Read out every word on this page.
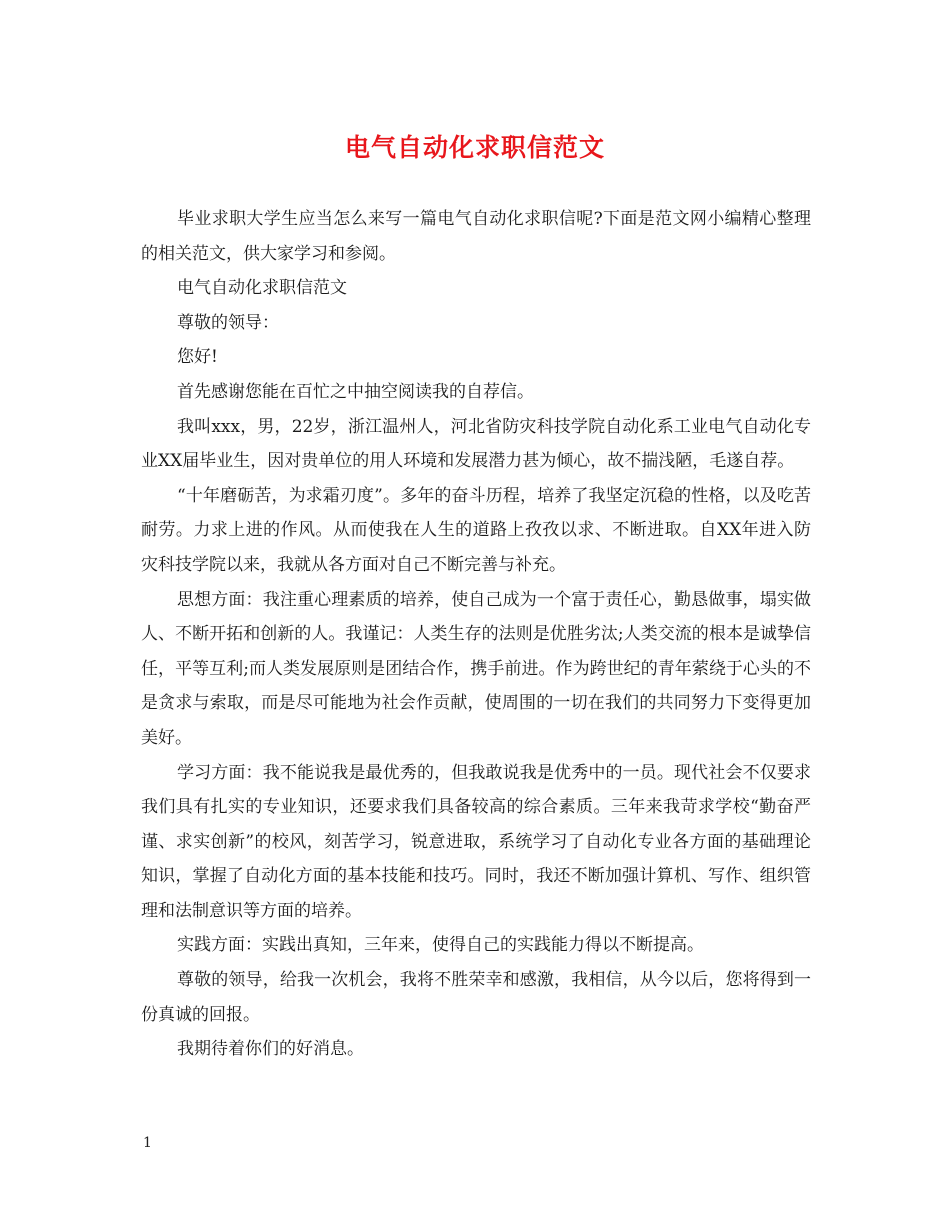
电气自动化求职信范文

毕业求职大学生应当怎么来写一篇电气自动化求职信呢?下面是范文网小编精心整理的相关范文，供大家学习和参阅。

电气自动化求职信范文

尊敬的领导：

您好!

首先感谢您能在百忙之中抽空阅读我的自荐信。

我叫xxx，男，22岁，浙江温州人，河北省防灾科技学院自动化系工业电气自动化专业XX届毕业生，因对贵单位的用人环境和发展潜力甚为倾心，故不揣浅陋，毛遂自荐。

“十年磨砺苦，为求霜刃度”。多年的奋斗历程，培养了我坚定沉稳的性格，以及吃苦耐劳。力求上进的作风。从而使我在人生的道路上孜孜以求、不断进取。自XX年进入防灾科技学院以来，我就从各方面对自己不断完善与补充。

思想方面：我注重心理素质的培养，使自己成为一个富于责任心，勤恳做事，塌实做人、不断开拓和创新的人。我谨记：人类生存的法则是优胜劣汰;人类交流的根本是诚挚信任，平等互利;而人类发展原则是团结合作，携手前进。作为跨世纪的青年萦绕于心头的不是贪求与索取，而是尽可能地为社会作贡献，使周围的一切在我们的共同努力下变得更加美好。

学习方面：我不能说我是最优秀的，但我敢说我是优秀中的一员。现代社会不仅要求我们具有扎实的专业知识，还要求我们具备较高的综合素质。三年来我苛求学校“勤奋严谨、求实创新”的校风，刻苦学习，锐意进取，系统学习了自动化专业各方面的基础理论知识，掌握了自动化方面的基本技能和技巧。同时，我还不断加强计算机、写作、组织管理和法制意识等方面的培养。

实践方面：实践出真知，三年来，使得自己的实践能力得以不断提高。

尊敬的领导，给我一次机会，我将不胜荣幸和感激，我相信，从今以后，您将得到一份真诚的回报。

我期待着你们的好消息。

1
